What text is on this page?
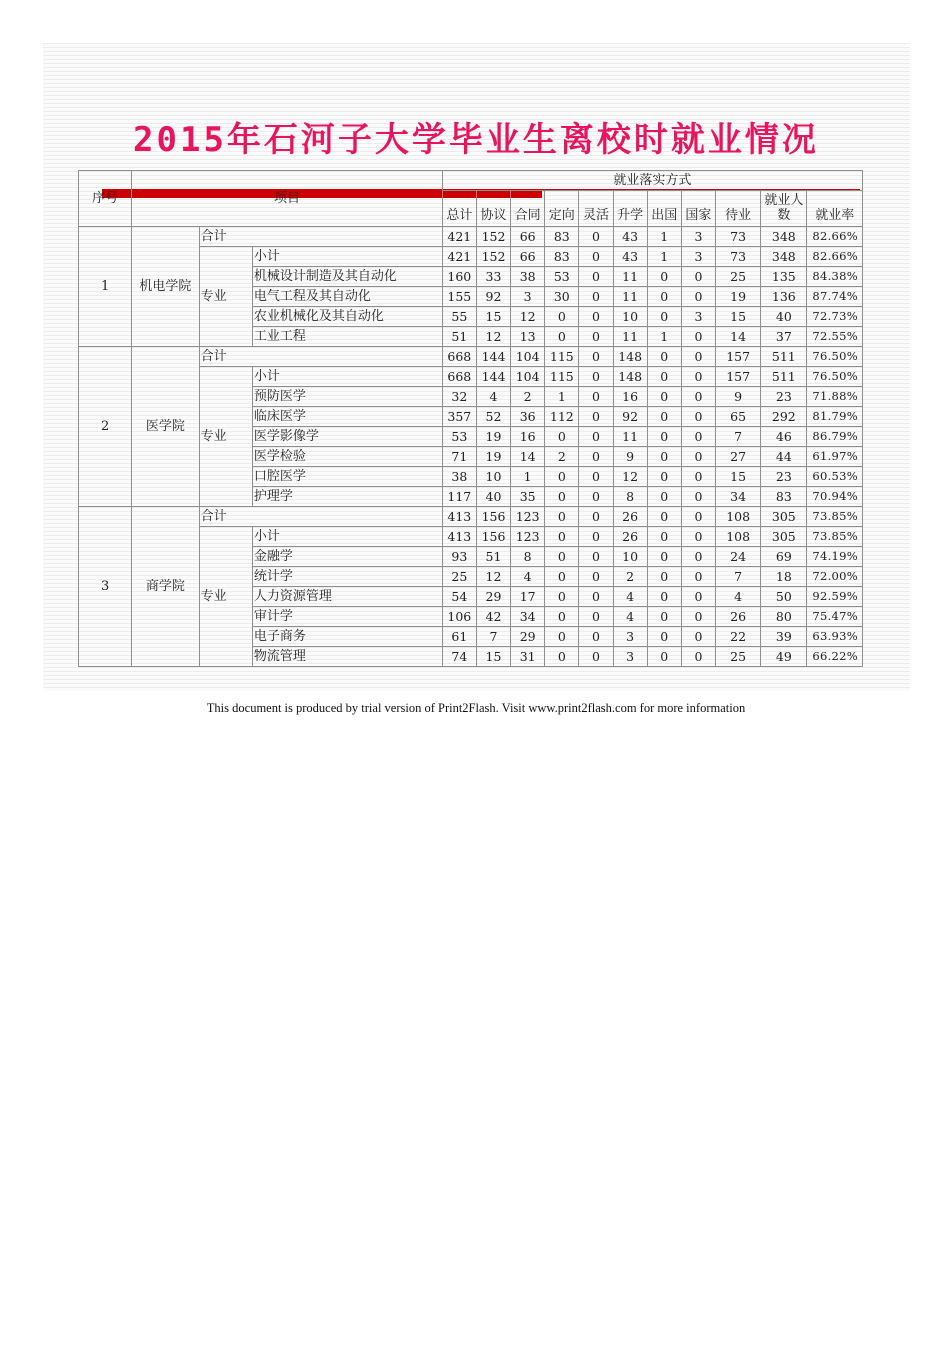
2015年石河子大学毕业生离校时就业情况
序号	项目			就业落实方式										
				总计	协议	合同	定向	灵活	升学	出国	国家	待业	就业人数	就业率
1	机电学院	合计		421	152	66	83	0	43	1	3	73	348	82.66%
		专业	小计	421	152	66	83	0	43	1	3	73	348	82.66%
			机械设计制造及其自动化	160	33	38	53	0	11	0	0	25	135	84.38%
			电气工程及其自动化	155	92	3	30	0	11	0	0	19	136	87.74%
			农业机械化及其自动化	55	15	12	0	0	10	0	3	15	40	72.73%
			工业工程	51	12	13	0	0	11	1	0	14	37	72.55%
2	医学院	合计		668	144	104	115	0	148	0	0	157	511	76.50%
		专业	小计	668	144	104	115	0	148	0	0	157	511	76.50%
			预防医学	32	4	2	1	0	16	0	0	9	23	71.88%
			临床医学	357	52	36	112	0	92	0	0	65	292	81.79%
			医学影像学	53	19	16	0	0	11	0	0	7	46	86.79%
			医学检验	71	19	14	2	0	9	0	0	27	44	61.97%
			口腔医学	38	10	1	0	0	12	0	0	15	23	60.53%
			护理学	117	40	35	0	0	8	0	0	34	83	70.94%
3	商学院	合计		413	156	123	0	0	26	0	0	108	305	73.85%
		专业	小计	413	156	123	0	0	26	0	0	108	305	73.85%
			金融学	93	51	8	0	0	10	0	0	24	69	74.19%
			统计学	25	12	4	0	0	2	0	0	7	18	72.00%
			人力资源管理	54	29	17	0	0	4	0	0	4	50	92.59%
			审计学	106	42	34	0	0	4	0	0	26	80	75.47%
			电子商务	61	7	29	0	0	3	0	0	22	39	63.93%
			物流管理	74	15	31	0	0	3	0	0	25	49	66.22%
This document is produced by trial version of Print2Flash. Visit www.print2flash.com for more information
